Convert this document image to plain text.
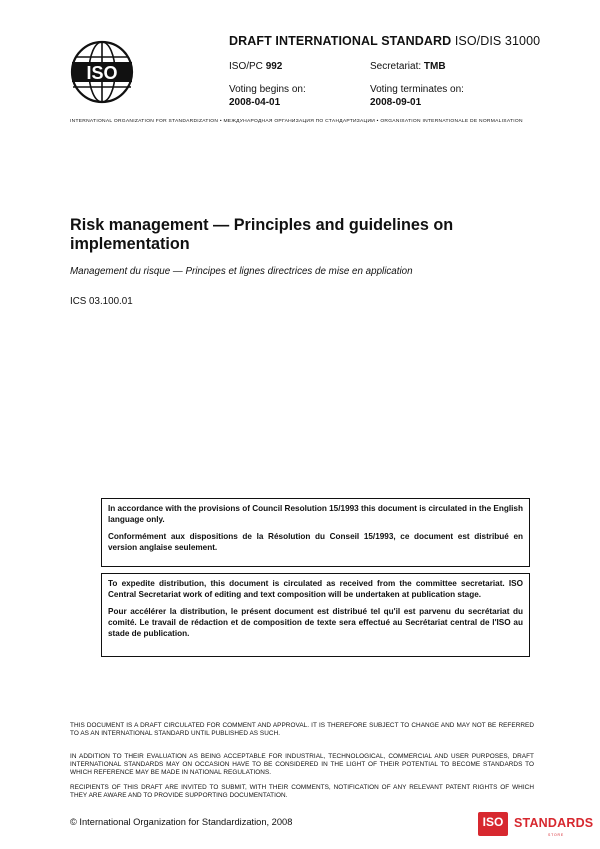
ISO
DRAFT INTERNATIONAL STANDARD ISO/DIS 31000
ISO/PC 992	Secretariat: TMB
Voting begins on:
2008-04-01
Voting terminates on:
2008-09-01
INTERNATIONAL ORGANIZATION FOR STANDARDIZATION • МЕЖДУНАРОДНАЯ ОРГАНИЗАЦИЯ ПО СТАНДАРТИЗАЦИИ • ORGANISATION INTERNATIONALE DE NORMALISATION
Risk management — Principles and guidelines on implementation
Management du risque — Principes et lignes directrices de mise en application
ICS 03.100.01

In accordance with the provisions of Council Resolution 15/1993 this document is circulated in the English language only.

Conformément aux dispositions de la Résolution du Conseil 15/1993, ce document est distribué en version anglaise seulement.

To expedite distribution, this document is circulated as received from the committee secretariat. ISO Central Secretariat work of editing and text composition will be undertaken at publication stage.

Pour accélérer la distribution, le présent document est distribué tel qu'il est parvenu du secrétariat du comité. Le travail de rédaction et de composition de texte sera effectué au Secrétariat central de l'ISO au stade de publication.

THIS DOCUMENT IS A DRAFT CIRCULATED FOR COMMENT AND APPROVAL. IT IS THEREFORE SUBJECT TO CHANGE AND MAY NOT BE REFERRED TO AS AN INTERNATIONAL STANDARD UNTIL PUBLISHED AS SUCH.

IN ADDITION TO THEIR EVALUATION AS BEING ACCEPTABLE FOR INDUSTRIAL, TECHNOLOGICAL, COMMERCIAL AND USER PURPOSES, DRAFT INTERNATIONAL STANDARDS MAY ON OCCASION HAVE TO BE CONSIDERED IN THE LIGHT OF THEIR POTENTIAL TO BECOME STANDARDS TO WHICH REFERENCE MAY BE MADE IN NATIONAL REGULATIONS.

RECIPIENTS OF THIS DRAFT ARE INVITED TO SUBMIT, WITH THEIR COMMENTS, NOTIFICATION OF ANY RELEVANT PATENT RIGHTS OF WHICH THEY ARE AWARE AND TO PROVIDE SUPPORTING DOCUMENTATION.

© International Organization for Standardization, 2008	ISO STANDARDS
STORE
